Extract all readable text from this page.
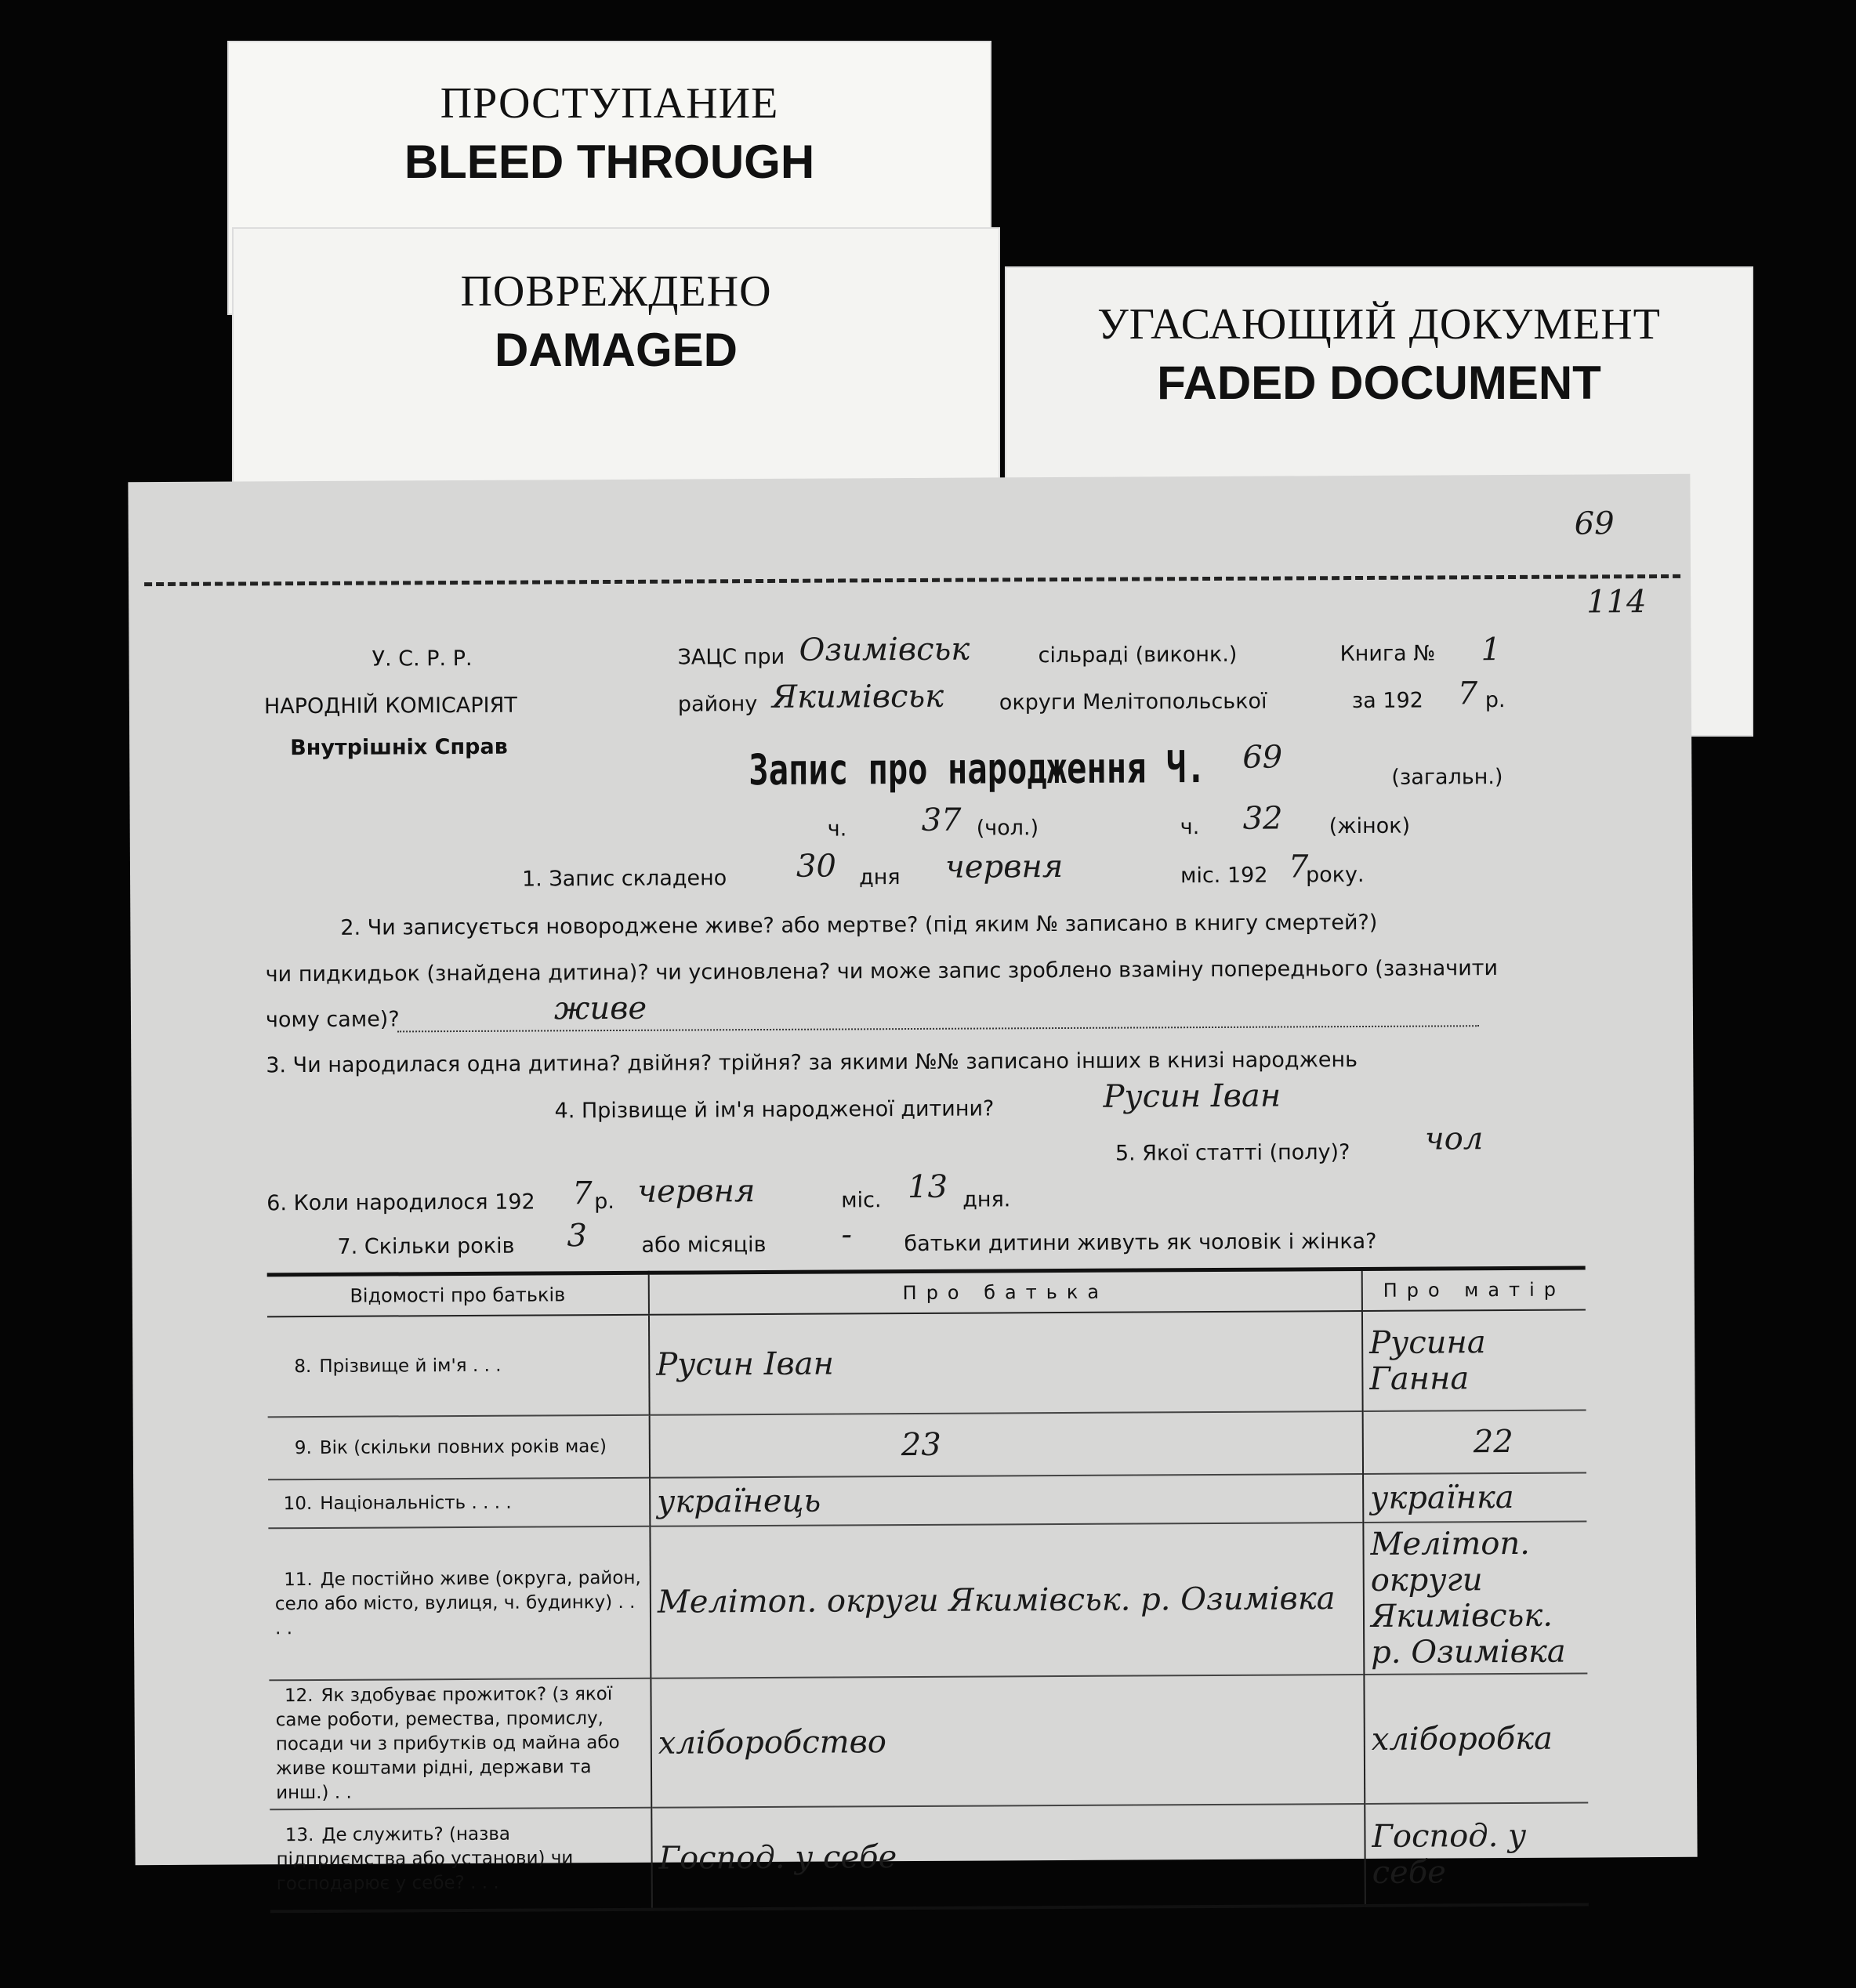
УГАСАЮЩИЙ ДОКУМЕНТ
FADED DOCUMENT
ПРОСТУПАНИЕ
BLEED THROUGH
ПОВРЕЖДЕНО
DAMAGED
69
114
У. С. Р. Р.	ЗАЦС при Озимівськ	сільраді (виконк.)	Книга № 1
НАРОДНІЙ КОМІСАРІЯТ	району Якимівськ	округи Мелітопольської	за 192 7 р.
Внутрішніх Справ	Запис про народження Ч. 69
(загальн.)
ч. 37 (чол.)	ч. 32 (жінок)
1. Запис складено 30 дня червня	міс. 192 7
року.
2. Чи записується новороджене живе? або мертве? (під яким № записано в книгу смертей?)
чи пидкидьок (знайдена дитина)? чи усиновлена? чи може запис зроблено взаміну попереднього (зазначити
чому саме)?	живе
3. Чи народилася одна дитина? двійня? трійня? за якими №№ записано інших в книзі народжень
4. Прізвище й ім'я народженої дитини?	Русин Іван
5. Якої статті (полу)? чол
6. Коли народилося 192 7 р. червня	міс. 13 дня.
7. Скільки років 3	або місяців - батьки дитини живуть як чоловік і жінка?
Відомості про батьків	Про батька	Про матір
8. Прізвище й ім'я . . .	Русин Іван	Русина Ганна
9. Вік (скільки повних років має)	23	22
10. Національність . . . .	українець	українка
11. Де постійно живе (округа, район, село або місто, вулиця, ч. будинку) . . . .	Мелітоп. округи Якимівськ. р. Озимівка	Мелітоп. округи Якимівськ. р. Озимівка
12. Як здобуває прожиток? (з якої саме роботи, ремества, промислу, посади чи з прибутків од майна або живе коштами рідні, держави та инш.) . .	хліборобство	хліборобка
13. Де служить? (назва підприємства або установи) чи господарює у себе? . . .	Господ. у себе	Господ. у себе
